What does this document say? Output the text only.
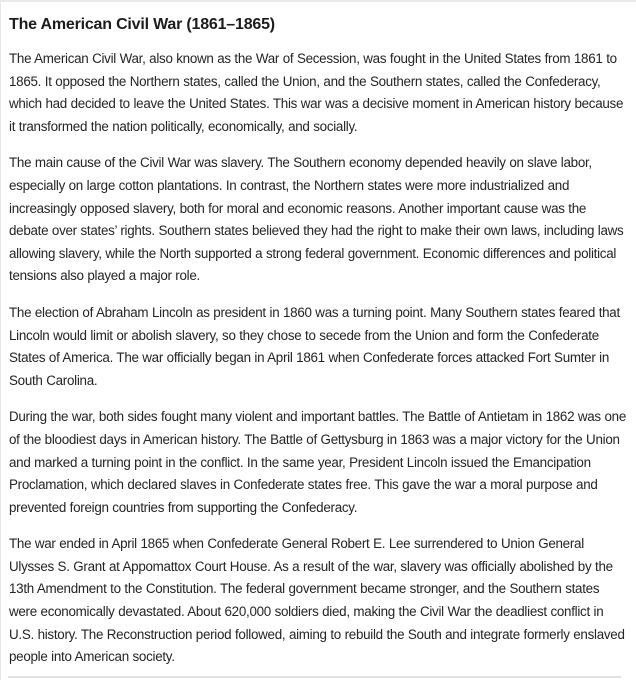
The American Civil War (1861–1865)

The American Civil War, also known as the War of Secession, was fought in the United States from 1861 to 1865. It opposed the Northern states, called the Union, and the Southern states, called the Confederacy, which had decided to leave the United States. This war was a decisive moment in American history because it transformed the nation politically, economically, and socially.

The main cause of the Civil War was slavery. The Southern economy depended heavily on slave labor, especially on large cotton plantations. In contrast, the Northern states were more industrialized and increasingly opposed slavery, both for moral and economic reasons. Another important cause was the debate over states’ rights. Southern states believed they had the right to make their own laws, including laws allowing slavery, while the North supported a strong federal government. Economic differences and political tensions also played a major role.

The election of Abraham Lincoln as president in 1860 was a turning point. Many Southern states feared that Lincoln would limit or abolish slavery, so they chose to secede from the Union and form the Confederate States of America. The war officially began in April 1861 when Confederate forces attacked Fort Sumter in South Carolina.

During the war, both sides fought many violent and important battles. The Battle of Antietam in 1862 was one of the bloodiest days in American history. The Battle of Gettysburg in 1863 was a major victory for the Union and marked a turning point in the conflict. In the same year, President Lincoln issued the Emancipation Proclamation, which declared slaves in Confederate states free. This gave the war a moral purpose and prevented foreign countries from supporting the Confederacy.

The war ended in April 1865 when Confederate General Robert E. Lee surrendered to Union General Ulysses S. Grant at Appomattox Court House. As a result of the war, slavery was officially abolished by the 13th Amendment to the Constitution. The federal government became stronger, and the Southern states were economically devastated. About 620,000 soldiers died, making the Civil War the deadliest conflict in U.S. history. The Reconstruction period followed, aiming to rebuild the South and integrate formerly enslaved people into American society.
